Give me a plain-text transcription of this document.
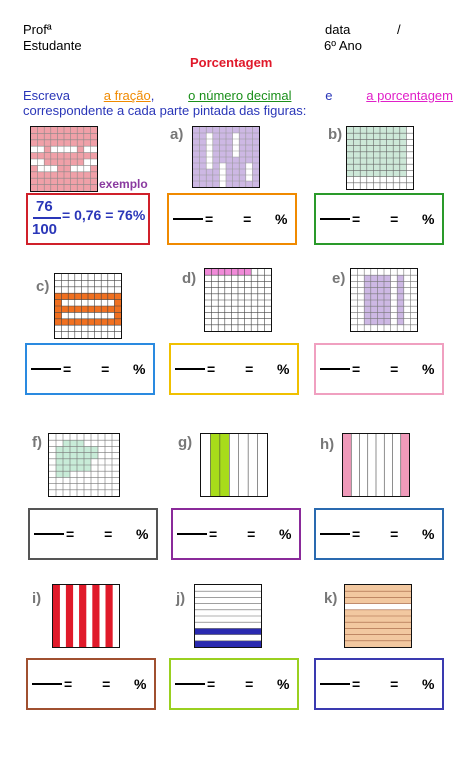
Profª
Estudante
data	/
6º Ano
Porcentagem
Escreva	a fração,	o número decimal	e	a porcentagem
correspondente a cada parte pintada das figuras:
a)
= = %
b)
= = %
c)
= = %
d)
= = %
e)
= = %
f)
= = %
g)
= = %
h)
= = %
i)
= = %
j)
= = %
k)
= = %
exemplo
76
100
= 0,76 = 76%
